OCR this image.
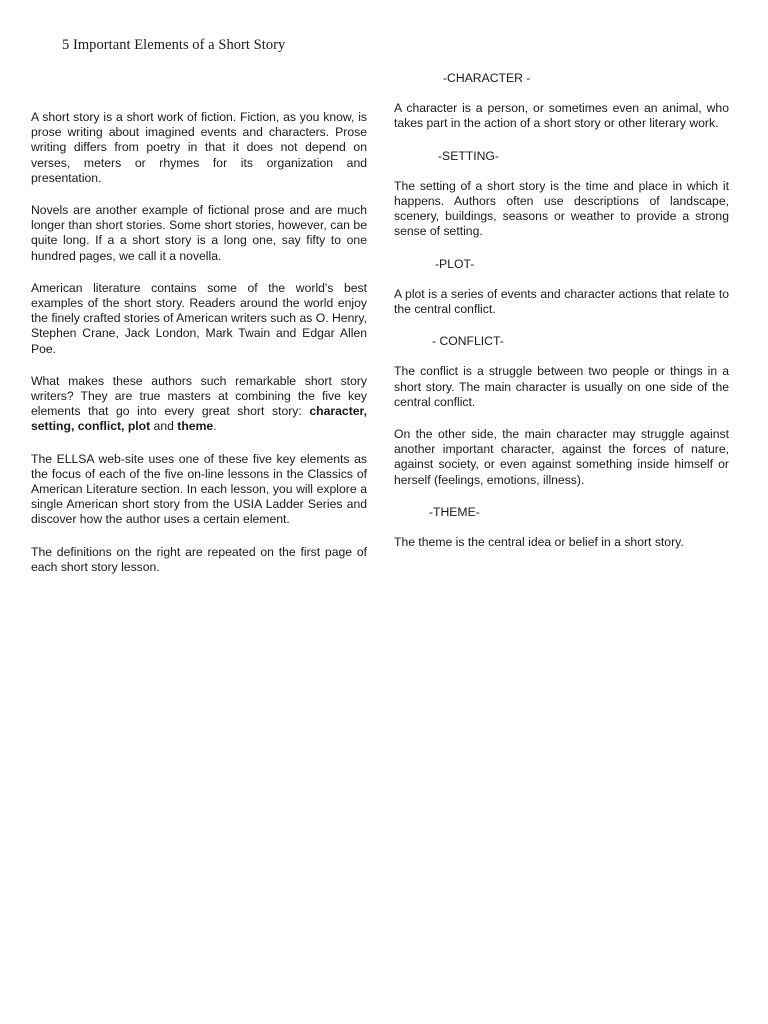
5 Important Elements of a Short Story

A short story is a short work of fiction. Fiction, as you know, is prose writing about imagined events and characters. Prose writing differs from poetry in that it does not depend on verses, meters or rhymes for its organization and presentation.

Novels are another example of fictional prose and are much longer than short stories. Some short stories, however, can be quite long. If a a short story is a long one, say fifty to one hundred pages, we call it a novella.

American literature contains some of the world's best examples of the short story. Readers around the world enjoy the finely crafted stories of American writers such as O. Henry, Stephen Crane, Jack London, Mark Twain and Edgar Allen Poe.

What makes these authors such remarkable short story writers? They are true masters at combining the five key elements that go into every great short story: character, setting, conflict, plot and theme.

The ELLSA web-site uses one of these five key elements as the focus of each of the five on-line lessons in the Classics of American Literature section. In each lesson, you will explore a single American short story from the USIA Ladder Series and discover how the author uses a certain element.

The definitions on the right are repeated on the first page of each short story lesson.

-CHARACTER -

A character is a person, or sometimes even an animal, who takes part in the action of a short story or other literary work.

-SETTING-

The setting of a short story is the time and place in which it happens. Authors often use descriptions of landscape, scenery, buildings, seasons or weather to provide a strong sense of setting.

-PLOT-

A plot is a series of events and character actions that relate to the central conflict.

- CONFLICT-

The conflict is a struggle between two people or things in a short story. The main character is usually on one side of the central conflict.

On the other side, the main character may struggle against another important character, against the forces of nature, against society, or even against something inside himself or herself (feelings, emotions, illness).

-THEME-

The theme is the central idea or belief in a short story.
